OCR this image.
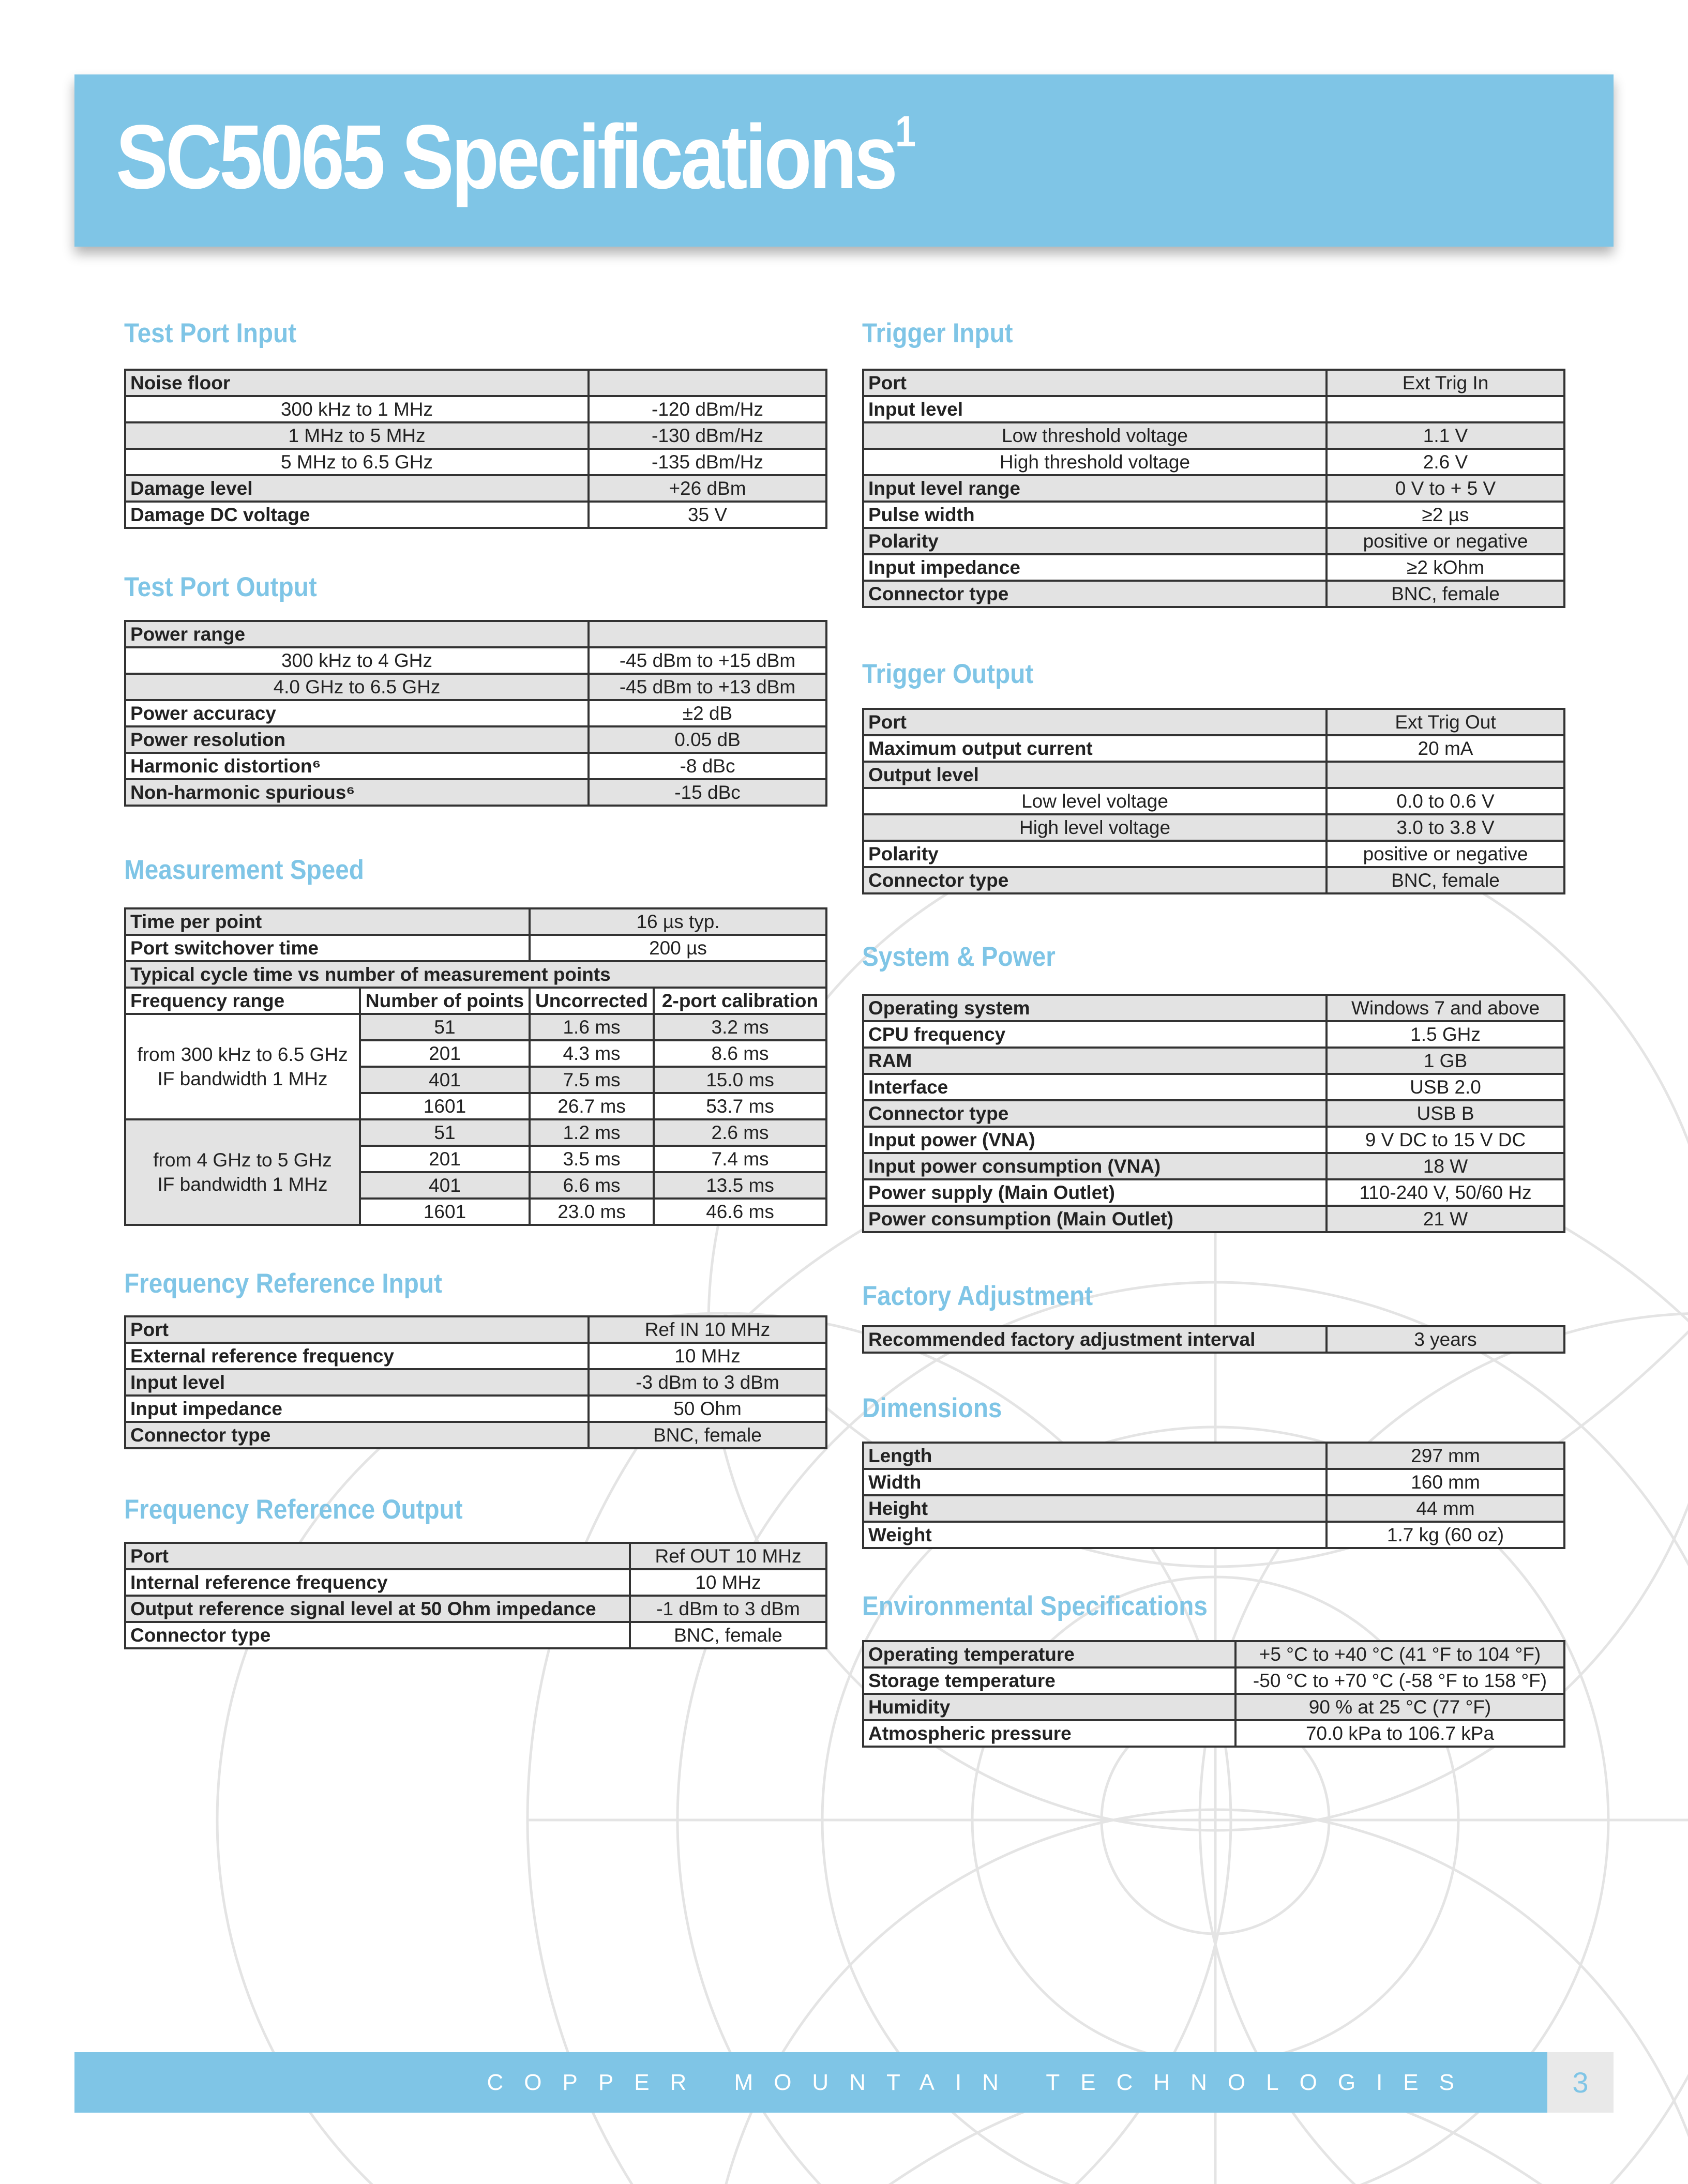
SC5065 Specifications$^1$
Test Port Input
Noise floor	
300 kHz to 1 MHz	-120 dBm/Hz
1 MHz to 5 MHz	-130 dBm/Hz
5 MHz to 6.5 GHz	-135 dBm/Hz
Damage level	+26 dBm
Damage DC voltage	35 V
Test Port Output
Power range	
300 kHz to 4 GHz	-45 dBm to +15 dBm
4.0 GHz to 6.5 GHz	-45 dBm to +13 dBm
Power accuracy	±2 dB
Power resolution	0.05 dB
Harmonic distortion⁶	-8 dBc
Non-harmonic spurious⁶	-15 dBc
Measurement Speed
Time per point		16 µs typ.	
Port switchover time		200 µs	
Typical cycle time vs number of measurement points			
Frequency range	Number of points	Uncorrected	2-port calibration

from 300 kHz to 6.5 GHz
IF bandwidth 1 MHz	51	1.6 ms	3.2 ms
	201	4.3 ms	8.6 ms
	401	7.5 ms	15.0 ms
	1601	26.7 ms	53.7 ms

from 4 GHz to 5 GHz
IF bandwidth 1 MHz	51	1.2 ms	2.6 ms
	201	3.5 ms	7.4 ms
	401	6.6 ms	13.5 ms
	1601	23.0 ms	46.6 ms
Frequency Reference Input
Port	Ref IN 10 MHz
External reference frequency	10 MHz
Input level	-3 dBm to 3 dBm
Input impedance	50 Ohm
Connector type	BNC, female
Frequency Reference Output
Port	Ref OUT 10 MHz
Internal reference frequency	10 MHz
Output reference signal level at 50 Ohm impedance	-1 dBm to 3 dBm
Connector type	BNC, female
Trigger Input
Port	Ext Trig In
Input level	
Low threshold voltage	1.1 V
High threshold voltage	2.6 V
Input level range	0 V to + 5 V
Pulse width	≥2 µs
Polarity	positive or negative
Input impedance	≥2 kOhm
Connector type	BNC, female
Trigger Output
Port	Ext Trig Out
Maximum output current	20 mA
Output level	
Low level voltage	0.0 to 0.6 V
High level voltage	3.0 to 3.8 V
Polarity	positive or negative
Connector type	BNC, female
System & Power
Operating system	Windows 7 and above
CPU frequency	1.5 GHz
RAM	1 GB
Interface	USB 2.0
Connector type	USB B
Input power (VNA)	9 V DC to 15 V DC
Input power consumption (VNA)	18 W
Power supply (Main Outlet)	110-240 V, 50/60 Hz
Power consumption (Main Outlet)	21 W
Factory Adjustment
Recommended factory adjustment interval	3 years
Dimensions
Length	297 mm
Width	160 mm
Height	44 mm
Weight	1.7 kg (60 oz)
Environmental Specifications
Operating temperature	+5 °C to +40 °C (41 °F to 104 °F)
Storage temperature	-50 °C to +70 °C (-58 °F to 158 °F)
Humidity	90 % at 25 °C (77 °F)
Atmospheric pressure	70.0 kPa to 106.7 kPa
COPPER MOUNTAIN TECHNOLOGIES	3
